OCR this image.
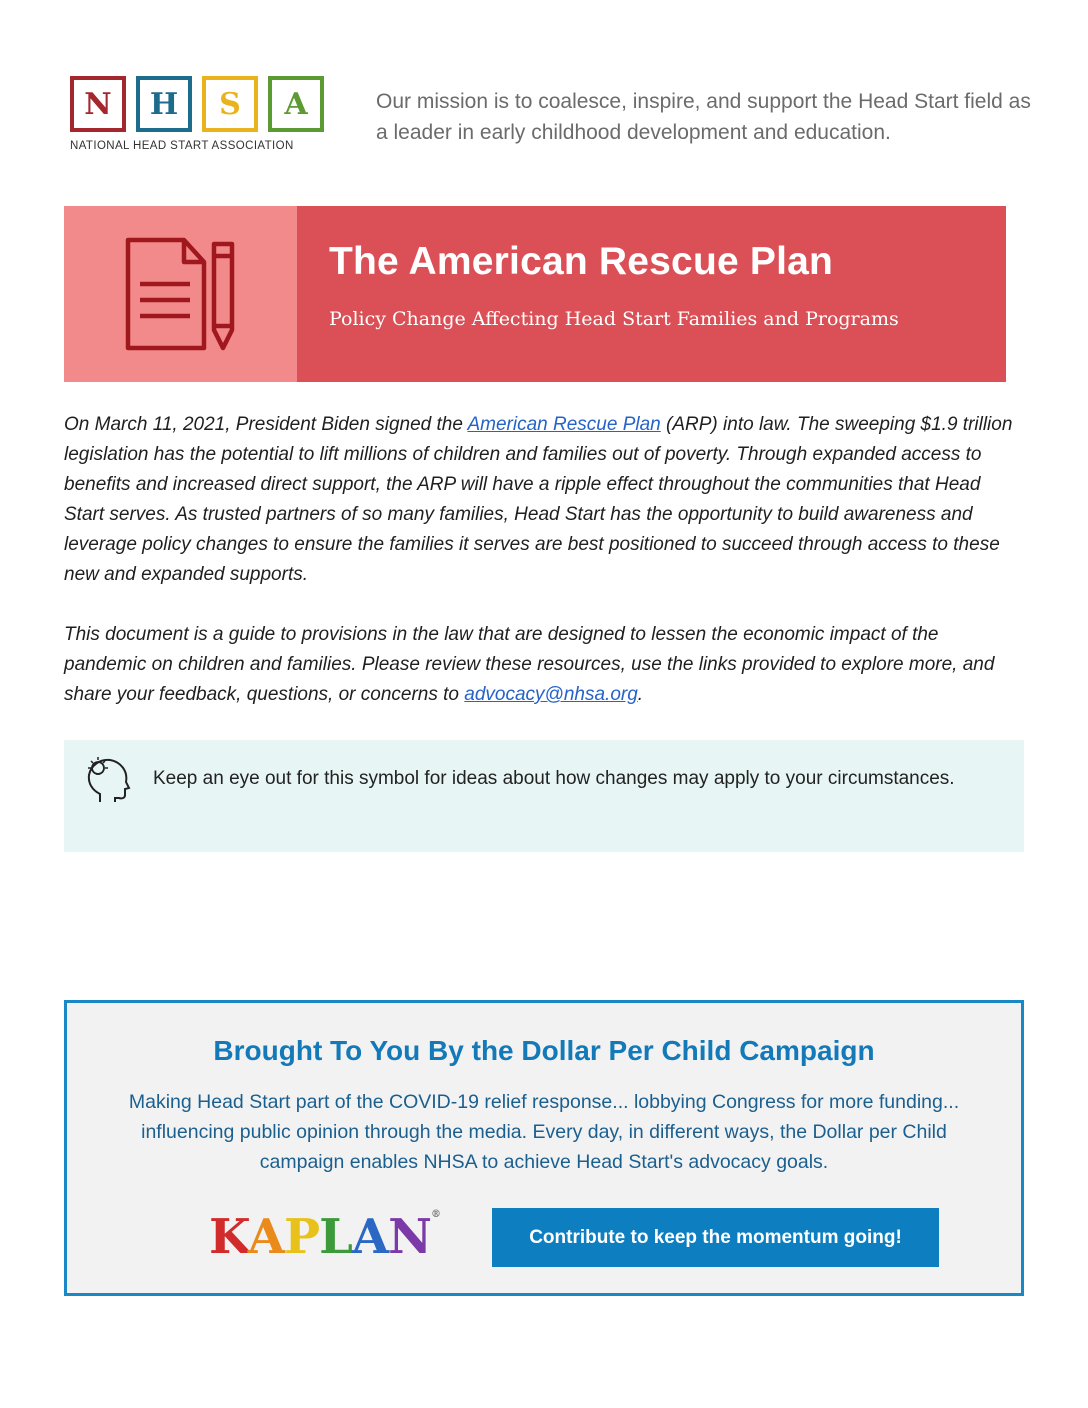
N	H	S	A
NATIONAL HEAD START ASSOCIATION
Our mission is to coalesce, inspire, and support the Head Start field as a leader in early childhood development and education.
The American Rescue Plan
Policy Change Affecting Head Start Families and Programs

On March 11, 2021, President Biden signed the American Rescue Plan (ARP) into law. The sweeping $1.9 trillion legislation has the potential to lift millions of children and families out of poverty. Through expanded access to benefits and increased direct support, the ARP will have a ripple effect throughout the communities that Head Start serves. As trusted partners of so many families, Head Start has the opportunity to build awareness and leverage policy changes to ensure the families it serves are best positioned to succeed through access to these new and expanded supports.

This document is a guide to provisions in the law that are designed to lessen the economic impact of the pandemic on children and families. Please review these resources, use the links provided to explore more, and share your feedback, questions, or concerns to advocacy@nhsa.org.

Keep an eye out for this symbol for ideas about how changes may apply to your circumstances.
Brought To You By the Dollar Per Child Campaign
Making Head Start part of the COVID-19 relief response... lobbying Congress for more funding... influencing public opinion through the media. Every day, in different ways, the Dollar per Child campaign enables NHSA to achieve Head Start's advocacy goals.
KAPLAN®
Contribute to keep the momentum going!
